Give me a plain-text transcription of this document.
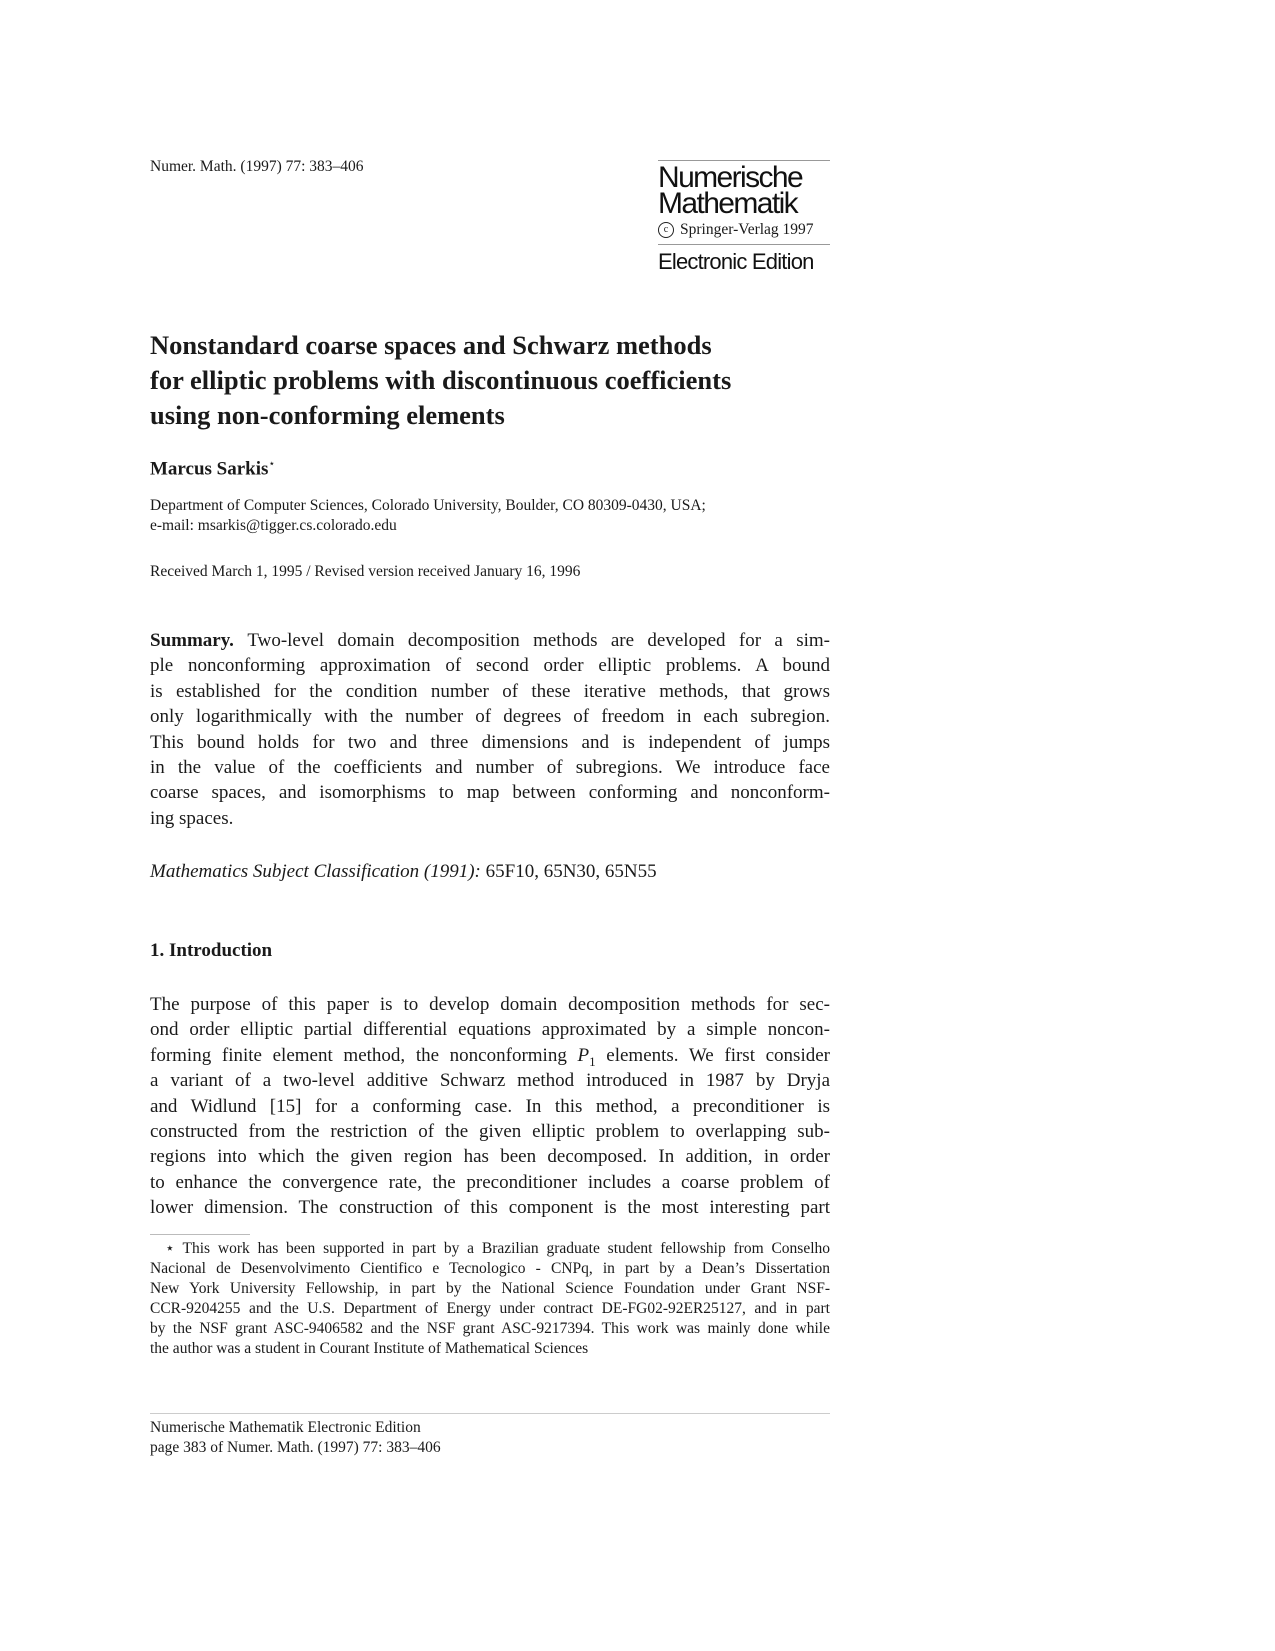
Numer. Math. (1997) 77: 383–406	Numerische
Mathematik
c Springer-Verlag 1997
Electronic Edition
Nonstandard coarse spaces and Schwarz methods
for elliptic problems with discontinuous coefficients
using non-conforming elements
Marcus Sarkis⋆
Department of Computer Sciences, Colorado University, Boulder, CO 80309-0430, USA;
e-mail: msarkis@tigger.cs.colorado.edu
Received March 1, 1995 / Revised version received January 16, 1996
Summary. Two-level domain decomposition methods are developed for a sim-
ple nonconforming approximation of second order elliptic problems. A bound
is established for the condition number of these iterative methods, that grows
only logarithmically with the number of degrees of freedom in each subregion.
This bound holds for two and three dimensions and is independent of jumps
in the value of the coefficients and number of subregions. We introduce face
coarse spaces, and isomorphisms to map between conforming and nonconform-
ing spaces.
Mathematics Subject Classification (1991): 65F10, 65N30, 65N55
1. Introduction
The purpose of this paper is to develop domain decomposition methods for sec-
ond order elliptic partial differential equations approximated by a simple noncon-
forming finite element method, the nonconforming $P_1$ elements. We first consider
a variant of a two-level additive Schwarz method introduced in 1987 by Dryja
and Widlund [15] for a conforming case. In this method, a preconditioner is
constructed from the restriction of the given elliptic problem to overlapping sub-
regions into which the given region has been decomposed. In addition, in order
to enhance the convergence rate, the preconditioner includes a coarse problem of
lower dimension. The construction of this component is the most interesting part
⋆ This work has been supported in part by a Brazilian graduate student fellowship from Conselho
Nacional de Desenvolvimento Cientifico e Tecnologico - CNPq, in part by a Dean’s Dissertation
New York University Fellowship, in part by the National Science Foundation under Grant NSF-
CCR-9204255 and the U.S. Department of Energy under contract DE-FG02-92ER25127, and in part
by the NSF grant ASC-9406582 and the NSF grant ASC-9217394. This work was mainly done while
the author was a student in Courant Institute of Mathematical Sciences
Numerische Mathematik Electronic Edition
page 383 of Numer. Math. (1997) 77: 383–406
